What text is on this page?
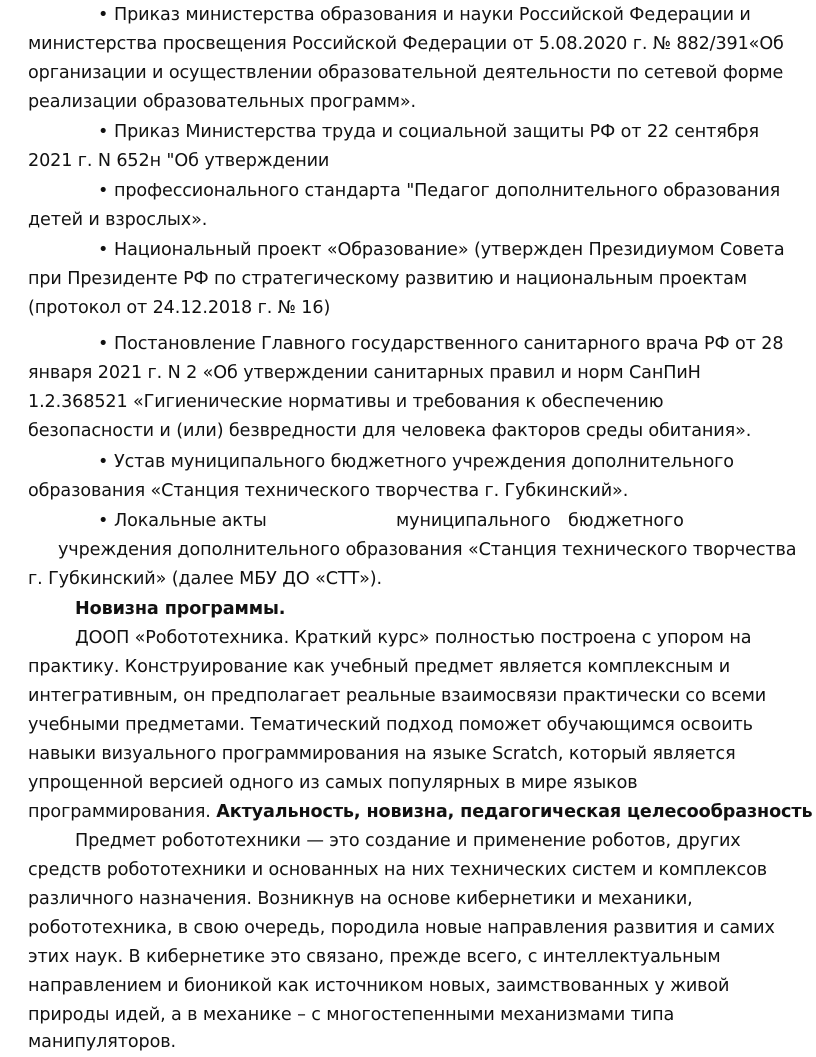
• Приказ министерства образования и науки Российской Федерации и
министерства просвещения Российской Федерации от 5.08.2020 г. № 882/391«Об
организации и осуществлении образовательной деятельности по сетевой форме
реализации образовательных программ».
• Приказ Министерства труда и социальной защиты РФ от 22 сентября
2021 г. N 652н "Об утверждении
• профессионального стандарта "Педагог дополнительного образования
детей и взрослых».
• Национальный проект «Образование» (утвержден Президиумом Совета
при Президенте РФ по стратегическому развитию и национальным проектам
(протокол от 24.12.2018 г. № 16)
• Постановление Главного государственного санитарного врача РФ от 28
января 2021 г. N 2 «Об утверждении санитарных правил и норм СанПиН
1.2.368521 «Гигиенические нормативы и требования к обеспечению
безопасности и (или) безвредности для человека факторов среды обитания».
• Устав муниципального бюджетного учреждения дополнительного
образования «Станция технического творчества г. Губкинский».
• Локальные акты	муниципального бюджетного
учреждения дополнительного образования «Станция технического творчества
г. Губкинский» (далее МБУ ДО «СТТ»).
Новизна программы.
ДООП «Робототехника. Краткий курс» полностью построена с упором на
практику. Конструирование как учебный предмет является комплексным и
интегративным, он предполагает реальные взаимосвязи практически со всеми
учебными предметами. Тематический подход поможет обучающимся освоить
навыки визуального программирования на языке Scratch, который является
упрощенной версией одного из самых популярных в мире языков
программирования. Актуальность, новизна, педагогическая целесообразность
Предмет робототехники — это создание и применение роботов, других
средств робототехники и основанных на них технических систем и комплексов
различного назначения. Возникнув на основе кибернетики и механики,
робототехника, в свою очередь, породила новые направления развития и самих
этих наук. В кибернетике это связано, прежде всего, с интеллектуальным
направлением и бионикой как источником новых, заимствованных у живой
природы идей, а в механике – с многостепенными механизмами типа
манипуляторов.
